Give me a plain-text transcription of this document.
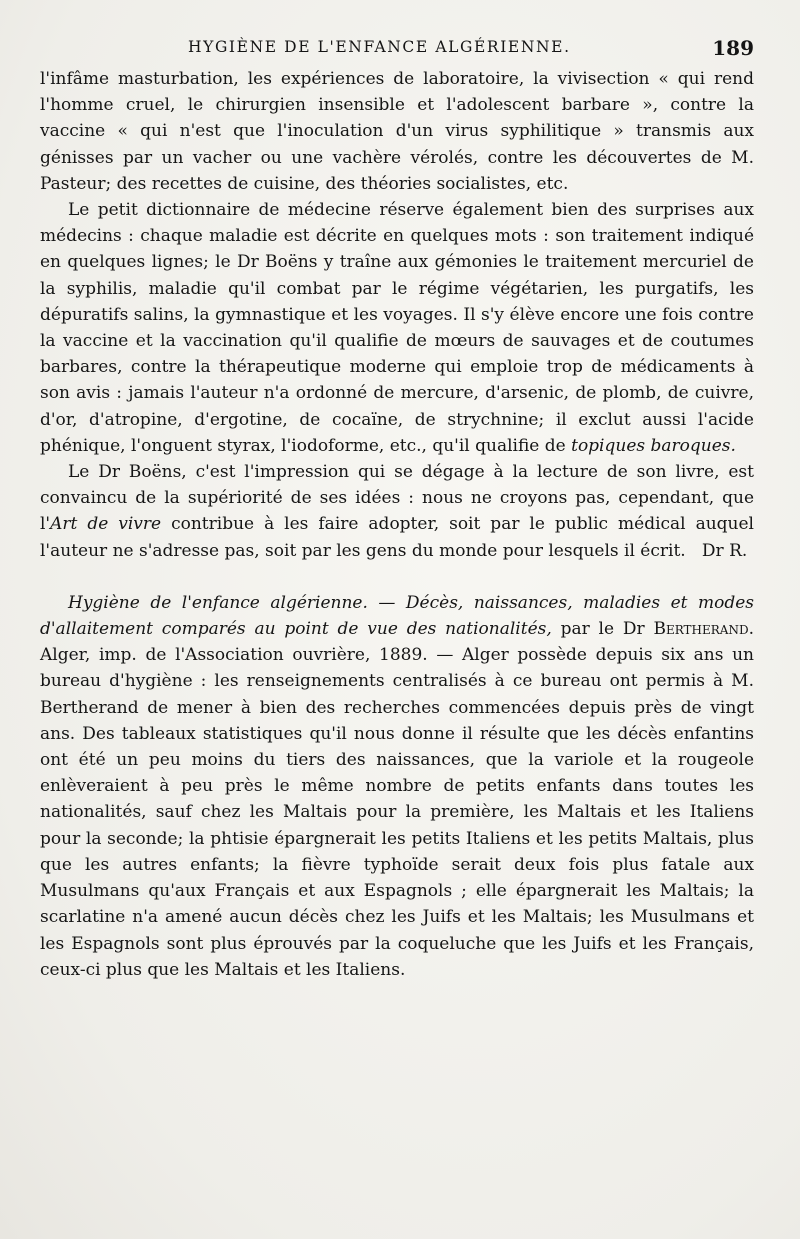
HYGIÈNE DE L'ENFANCE ALGÉRIENNE.	189

l'infâme masturbation, les expériences de laboratoire, la vivisection « qui rend l'homme cruel, le chirurgien insensible et l'adolescent barbare », contre la vaccine « qui n'est que l'inoculation d'un virus syphilitique » transmis aux génisses par un vacher ou une vachère vérolés, contre les découvertes de M. Pasteur; des recettes de cuisine, des théories socialistes, etc.

Le petit dictionnaire de médecine réserve également bien des surprises aux médecins : chaque maladie est décrite en quelques mots : son traitement indiqué en quelques lignes; le Dr Boëns y traîne aux gémonies le traitement mercuriel de la syphilis, maladie qu'il combat par le régime végétarien, les purgatifs, les dépuratifs salins, la gymnastique et les voyages. Il s'y élève encore une fois contre la vaccine et la vaccination qu'il qualifie de mœurs de sauvages et de coutumes barbares, contre la thérapeutique moderne qui emploie trop de médicaments à son avis : jamais l'auteur n'a ordonné de mercure, d'arsenic, de plomb, de cuivre, d'or, d'atropine, d'ergotine, de cocaïne, de strychnine; il exclut aussi l'acide phénique, l'onguent styrax, l'iodoforme, etc., qu'il qualifie de topiques baroques.

Le Dr Boëns, c'est l'impression qui se dégage à la lecture de son livre, est convaincu de la supériorité de ses idées : nous ne croyons pas, cependant, que l'Art de vivre contribue à les faire adopter, soit par le public médical auquel l'auteur ne s'adresse pas, soit par les gens du monde pour lesquels il écrit. Dr R.

Hygiène de l'enfance algérienne. — Décès, naissances, maladies et modes d'allaitement comparés au point de vue des nationalités, par le Dr Bertherand. Alger, imp. de l'Association ouvrière, 1889. — Alger possède depuis six ans un bureau d'hygiène : les renseignements centralisés à ce bureau ont permis à M. Bertherand de mener à bien des recherches commencées depuis près de vingt ans. Des tableaux statistiques qu'il nous donne il résulte que les décès enfantins ont été un peu moins du tiers des naissances, que la variole et la rougeole enlèveraient à peu près le même nombre de petits enfants dans toutes les nationalités, sauf chez les Maltais pour la première, les Maltais et les Italiens pour la seconde; la phtisie épargnerait les petits Italiens et les petits Maltais, plus que les autres enfants; la fièvre typhoïde serait deux fois plus fatale aux Musulmans qu'aux Français et aux Espagnols ; elle épargnerait les Maltais; la scarlatine n'a amené aucun décès chez les Juifs et les Maltais; les Musulmans et les Espagnols sont plus éprouvés par la coqueluche que les Juifs et les Français, ceux-ci plus que les Maltais et les Italiens.
